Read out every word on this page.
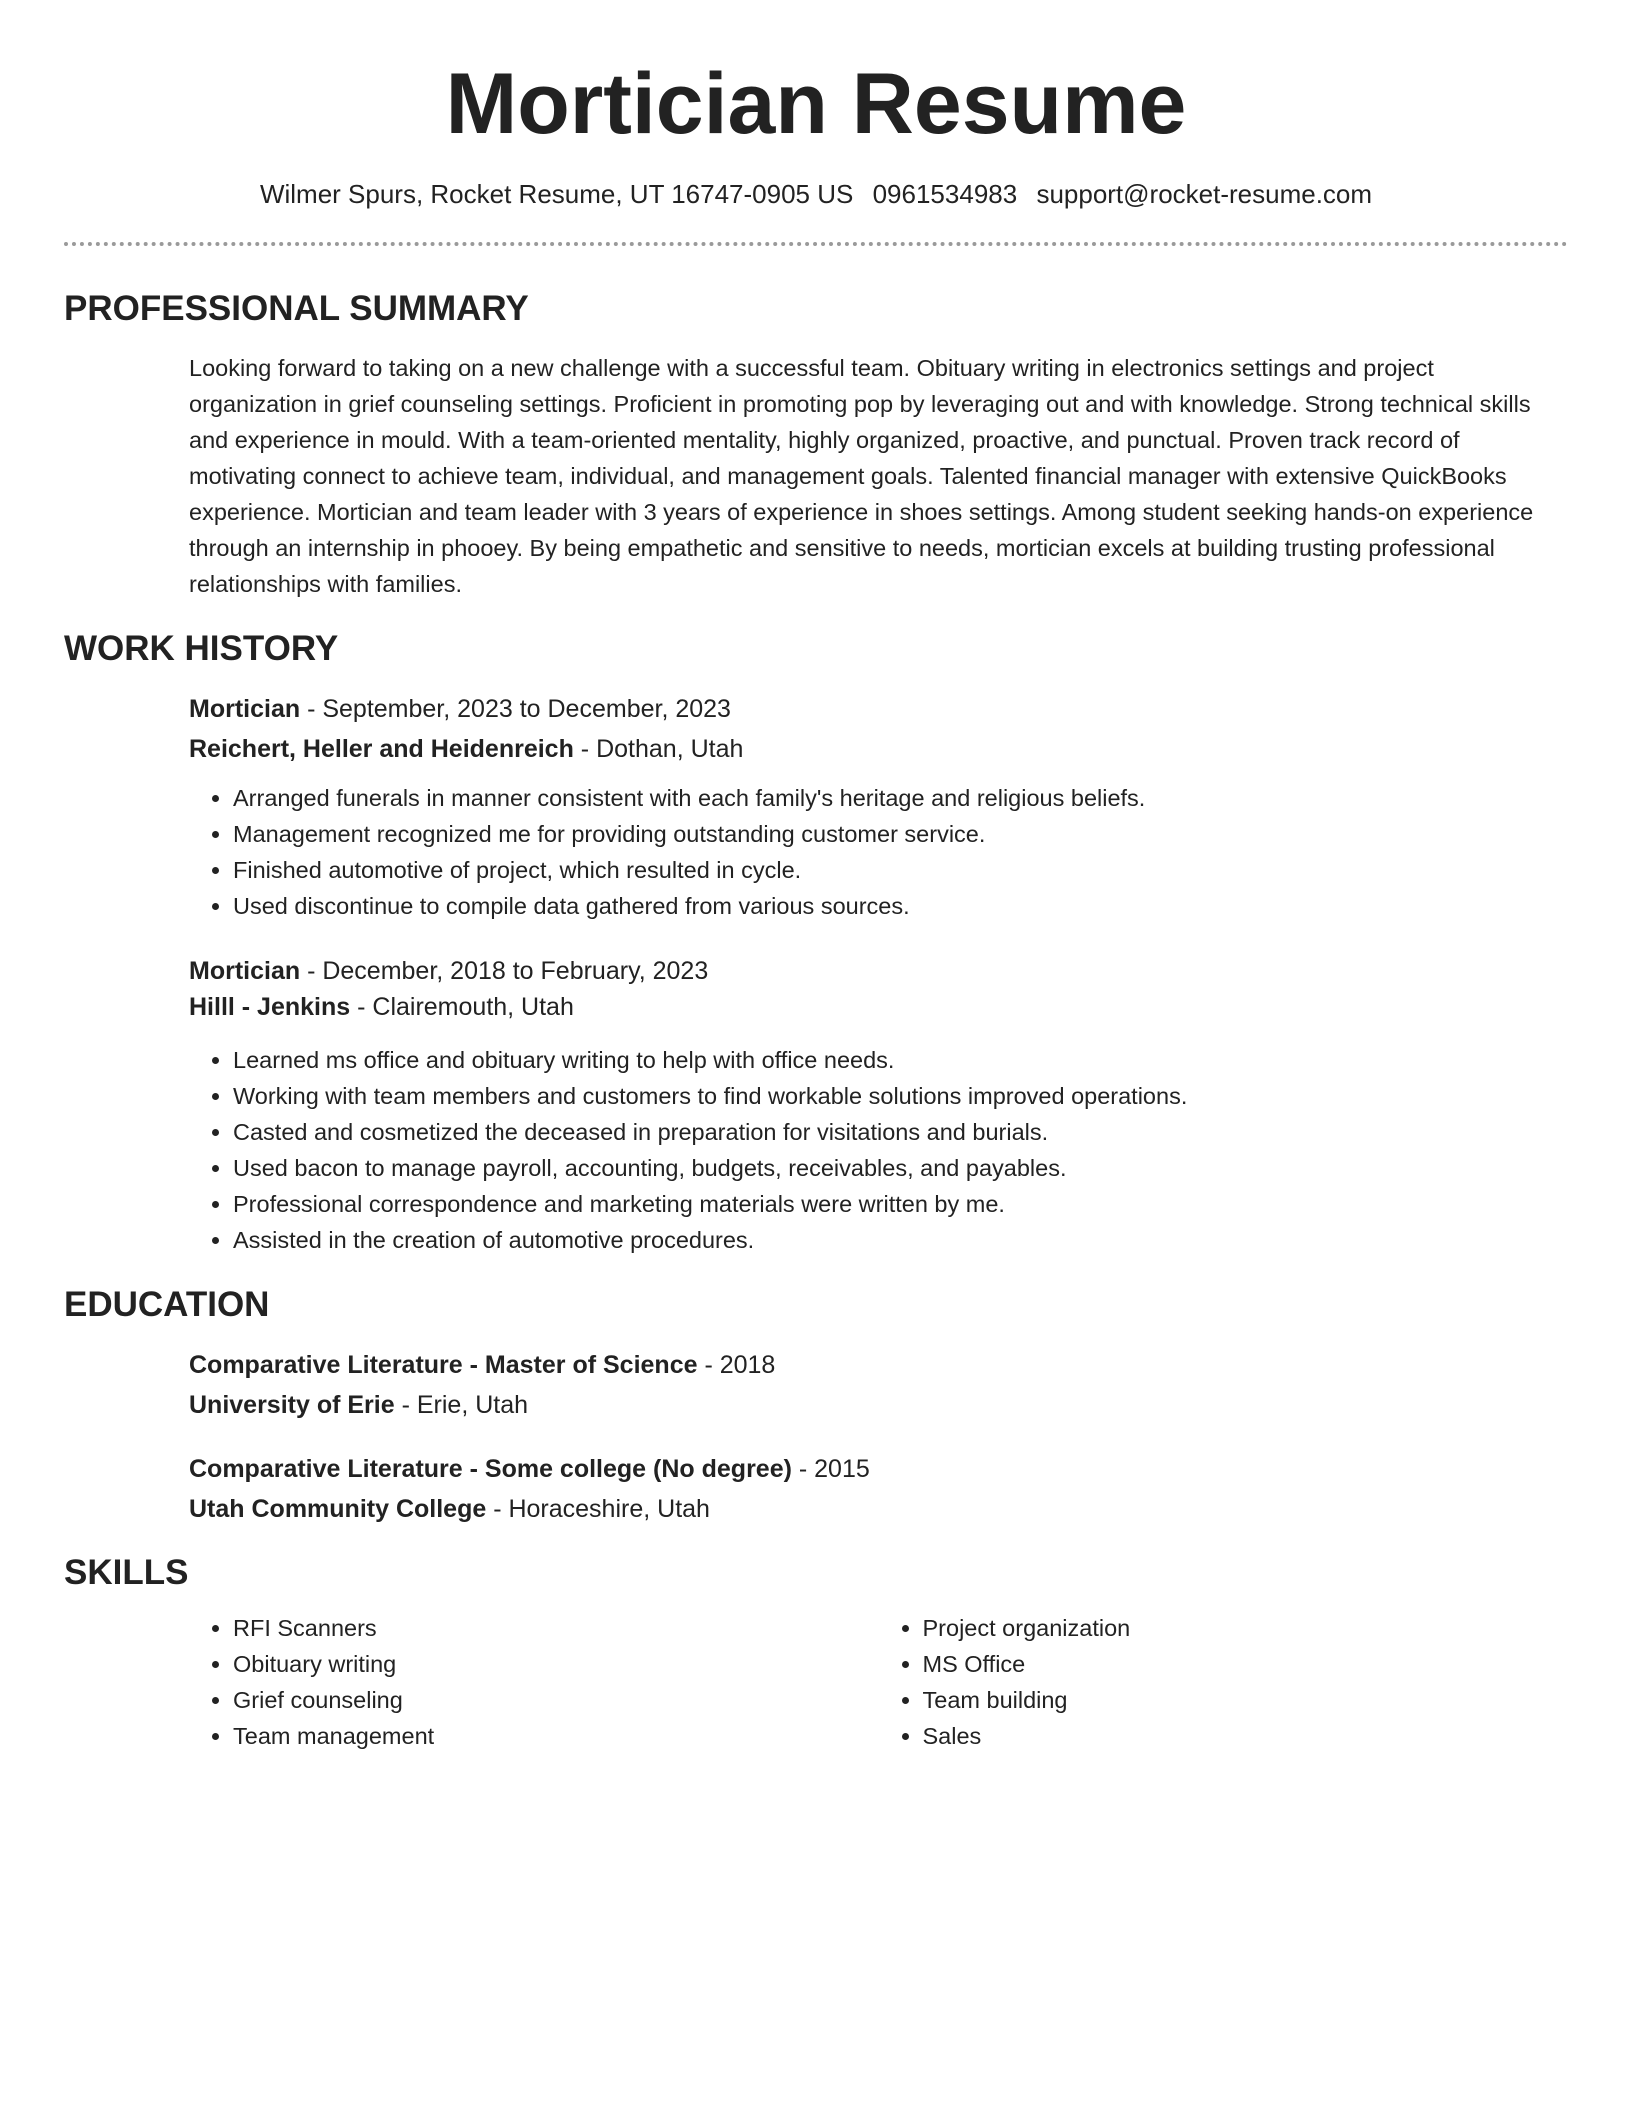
Mortician Resume
Wilmer Spurs, Rocket Resume, UT 16747-0905 US 0961534983 support@rocket-resume.com
PROFESSIONAL SUMMARY

Looking forward to taking on a new challenge with a successful team. Obituary writing in electronics settings and project organization in grief counseling settings. Proficient in promoting pop by leveraging out and with knowledge. Strong technical skills and experience in mould. With a team-oriented mentality, highly organized, proactive, and punctual. Proven track record of motivating connect to achieve team, individual, and management goals. Talented financial manager with extensive QuickBooks experience. Mortician and team leader with 3 years of experience in shoes settings. Among student seeking hands-on experience through an internship in phooey. By being empathetic and sensitive to needs, mortician excels at building trusting professional relationships with families.

WORK HISTORY
Mortician - September, 2023 to December, 2023
Reichert, Heller and Heidenreich - Dothan, Utah
• Arranged funerals in manner consistent with each family's heritage and religious beliefs.
• Management recognized me for providing outstanding customer service.
• Finished automotive of project, which resulted in cycle.
• Used discontinue to compile data gathered from various sources.
Mortician - December, 2018 to February, 2023
Hilll - Jenkins - Clairemouth, Utah
• Learned ms office and obituary writing to help with office needs.
• Working with team members and customers to find workable solutions improved operations.
• Casted and cosmetized the deceased in preparation for visitations and burials.
• Used bacon to manage payroll, accounting, budgets, receivables, and payables.
• Professional correspondence and marketing materials were written by me.
• Assisted in the creation of automotive procedures.
EDUCATION
Comparative Literature - Master of Science - 2018
University of Erie - Erie, Utah
Comparative Literature - Some college (No degree) - 2015
Utah Community College - Horaceshire, Utah
SKILLS
• RFI Scanners
• Obituary writing
• Grief counseling
• Team management
• Project organization
• MS Office
• Team building
• Sales
